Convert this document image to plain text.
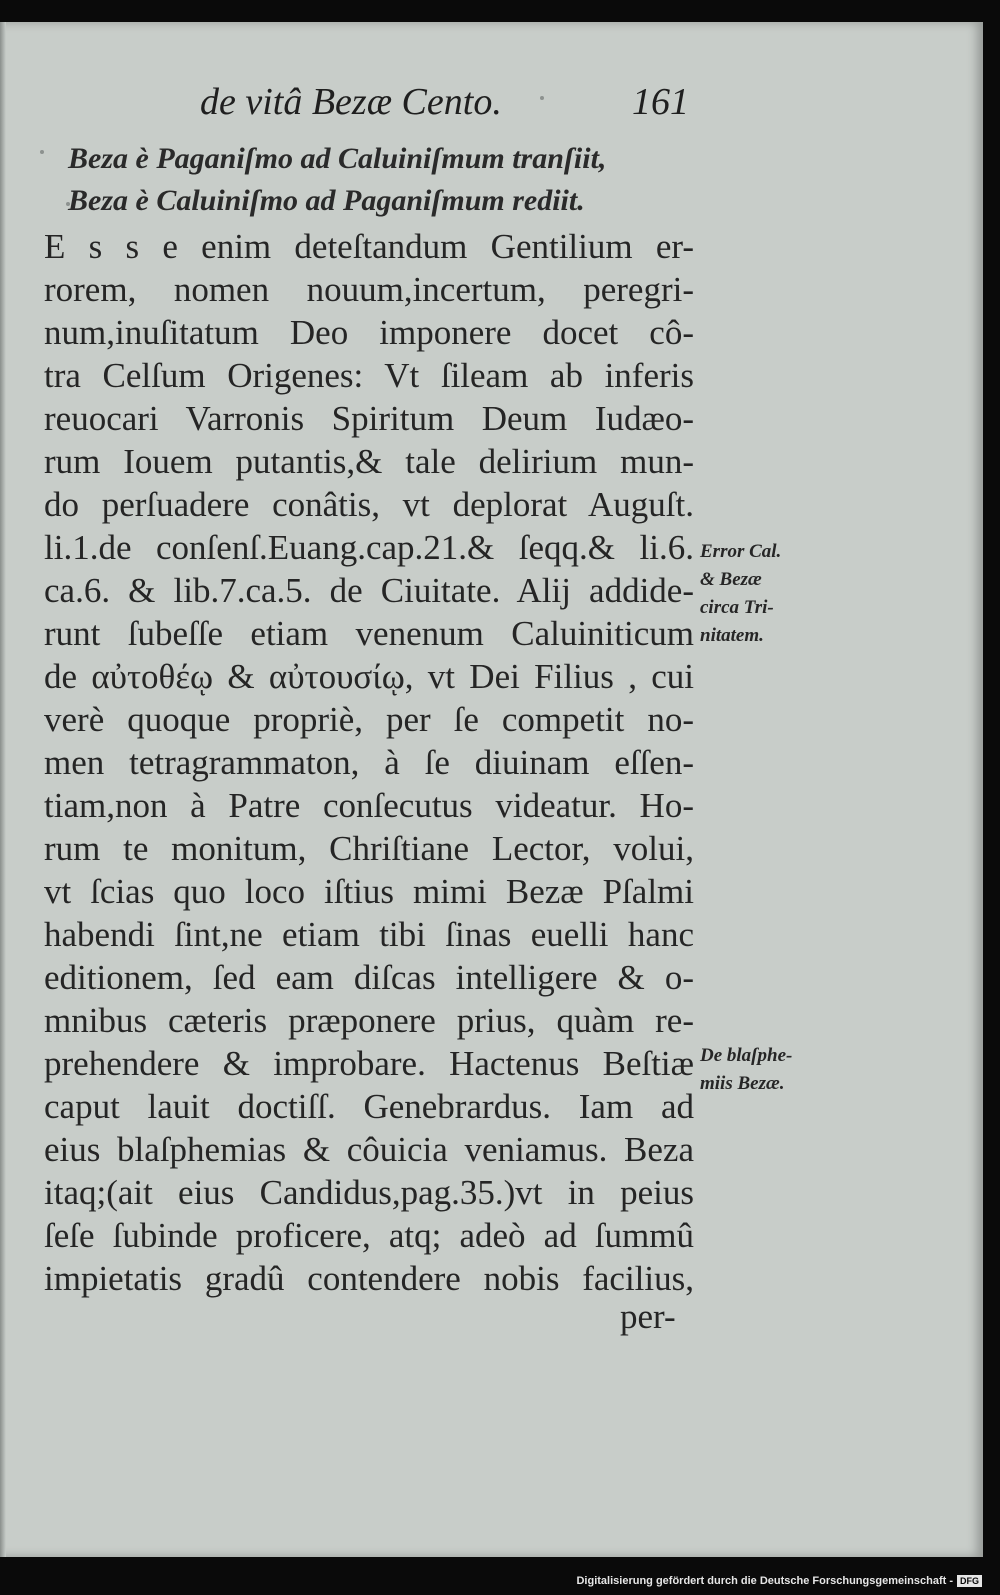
de vitâ Bezæ Cento.	161
Beza è Paganiſmo ad Caluiniſmum tranſiit,
Beza è Caluiniſmo ad Paganiſmum rediit.
E s s e enim deteſtandum Gentilium er-
rorem, nomen nouum,incertum, peregri-
num,inuſitatum Deo imponere docet cô-
tra Celſum Origenes: Vt ſileam ab inferis
reuocari Varronis Spiritum Deum Iudæo-
rum Iouem putantis,& tale delirium mun-
do perſuadere conâtis, vt deplorat Auguſt.
li.1.de conſenſ.Euang.cap.21.& ſeqq.& li.6.
ca.6. & lib.7.ca.5. de Ciuitate. Alij addide-
runt ſubeſſe etiam venenum Caluiniticum
de αὐτοθέῳ & αὐτουσίῳ, vt Dei Filius , cui
verè quoque propriè, per ſe competit no-
men tetragrammaton, à ſe diuinam eſſen-
tiam,non à Patre conſecutus videatur. Ho-
rum te monitum, Chriſtiane Lector, volui,
vt ſcias quo loco iſtius mimi Bezæ Pſalmi
habendi ſint,ne etiam tibi ſinas euelli hanc
editionem, ſed eam diſcas intelligere & o-
mnibus cæteris præponere prius, quàm re-
prehendere & improbare. Hactenus Beſtiæ
caput lauit doctiſſ. Genebrardus. Iam ad
eius blaſphemias & côuicia veniamus. Beza
itaq;(ait eius Candidus,pag.35.)vt in peius
ſeſe ſubinde proficere, atq; adeò ad ſummû
impietatis gradû contendere nobis facilius,
per-
Error Cal.
& Bezæ
circa Tri-
nitatem.
De blaſphe-
miis Bezæ.
Digitalisierung gefördert durch die Deutsche Forschungsgemeinschaft - DFG
